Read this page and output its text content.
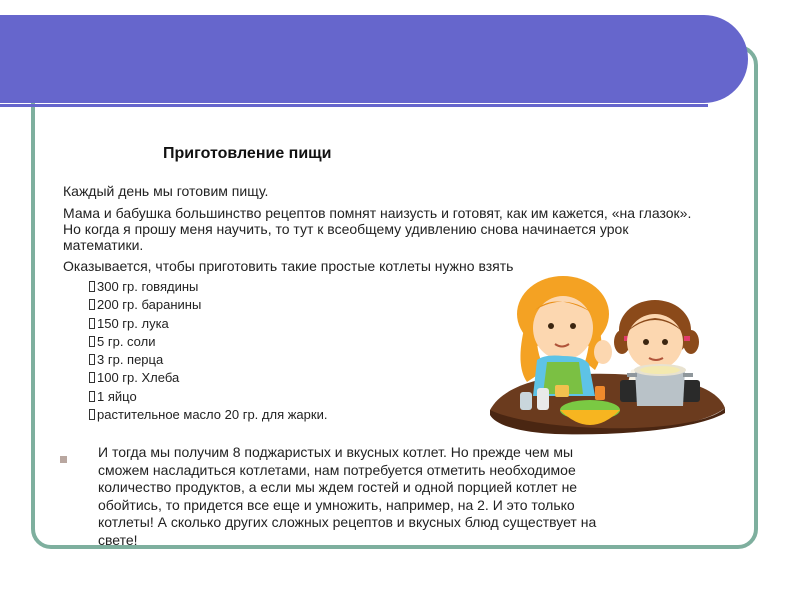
Приготовление пищи
Каждый день мы готовим пищу.
Мама и бабушка большинство рецептов помнят наизусть и готовят, как им кажется, «на глазок». Но когда я прошу меня научить, то тут к всеобщему удивлению снова начинается урок математики.
Оказывается, чтобы приготовить такие простые котлеты нужно взять
300 гр. говядины
200 гр. баранины
150 гр. лука
5 гр. соли
3 гр. перца
100 гр. Хлеба
1 яйцо
растительное масло 20 гр. для жарки.
И тогда мы получим 8 поджаристых и вкусных котлет. Но прежде чем мы сможем насладиться котлетами, нам потребуется отметить необходимое количество продуктов, а если мы ждем гостей и одной порцией котлет не обойтись, то придется все еще и умножить, например, на 2. И это только котлеты! А сколько других сложных рецептов и вкусных блюд существует на свете!
